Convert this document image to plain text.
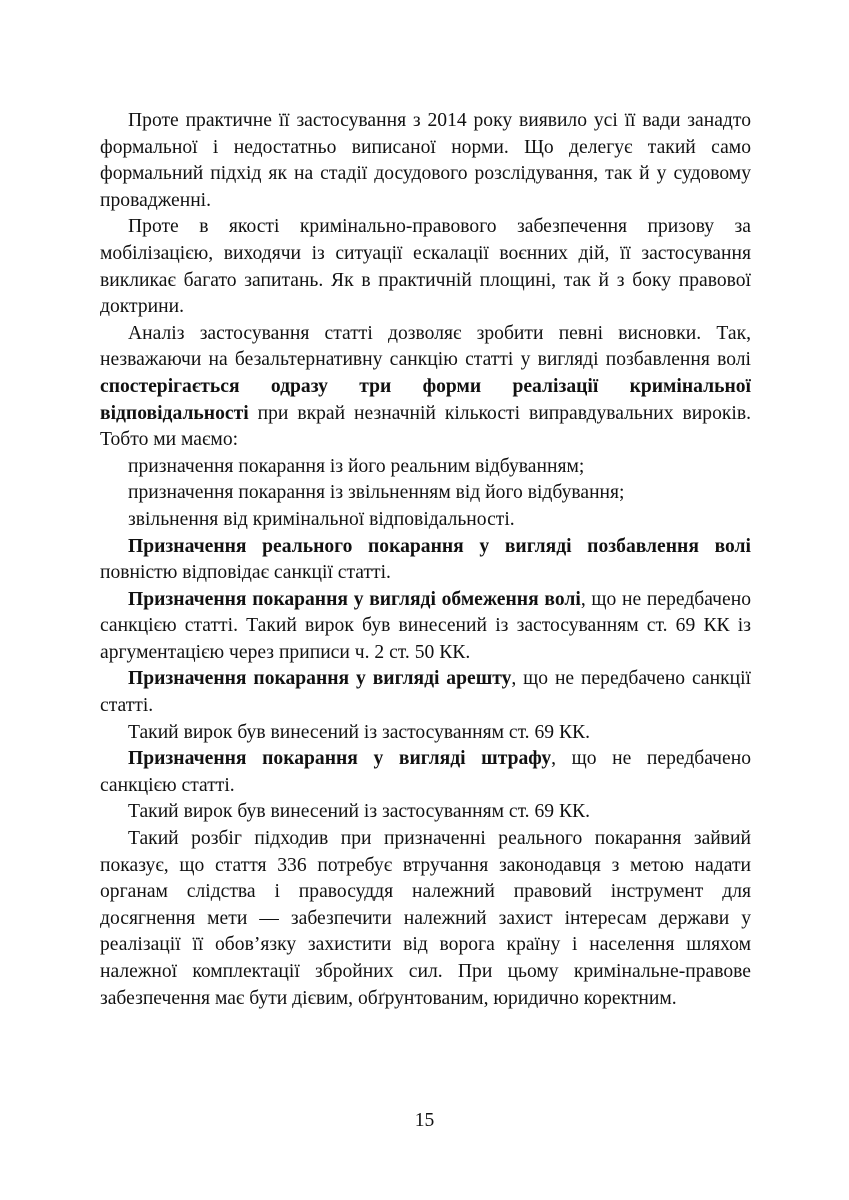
Проте практичне її застосування з 2014 року виявило усі її вади занадто формальної і недостатньо виписаної норми. Що делегує такий само формальний підхід як на стадії досудового розслідування, так й у судовому провадженні.

Проте в якості кримінально-правового забезпечення призову за мобілізацією, виходячи із ситуації ескалації воєнних дій, її застосування викликає багато запитань. Як в практичній площині, так й з боку правової доктрини.

Аналіз застосування статті дозволяє зробити певні висновки. Так, незважаючи на безальтернативну санкцію статті у вигляді позбавлення волі спостерігається одразу три форми реалізації кримінальної відповідальності при вкрай незначній кількості виправдувальних вироків. Тобто ми маємо:

призначення покарання із його реальним відбуванням;

призначення покарання із звільненням від його відбування;

звільнення від кримінальної відповідальності.

Призначення реального покарання у вигляді позбавлення волі повністю відповідає санкції статті.

Призначення покарання у вигляді обмеження волі, що не передбачено санкцією статті. Такий вирок був винесений із застосуванням ст. 69 КК із аргументацією через приписи ч. 2 ст. 50 КК.

Призначення покарання у вигляді арешту, що не передбачено санкції статті.

Такий вирок був винесений із застосуванням ст. 69 КК.

Призначення покарання у вигляді штрафу, що не передбачено санкцією статті.

Такий вирок був винесений із застосуванням ст. 69 КК.

Такий розбіг підходив при призначенні реального покарання зайвий показує, що стаття 336 потребує втручання законодавця з метою надати органам слідства і правосуддя належний правовий інструмент для досягнення мети — забезпечити належний захист інтересам держави у реалізації її обов’язку захистити від ворога країну і населення шляхом належної комплектації збройних сил. При цьому кримінальне-правове забезпечення має бути дієвим, обґрунтованим, юридично коректним.

15
